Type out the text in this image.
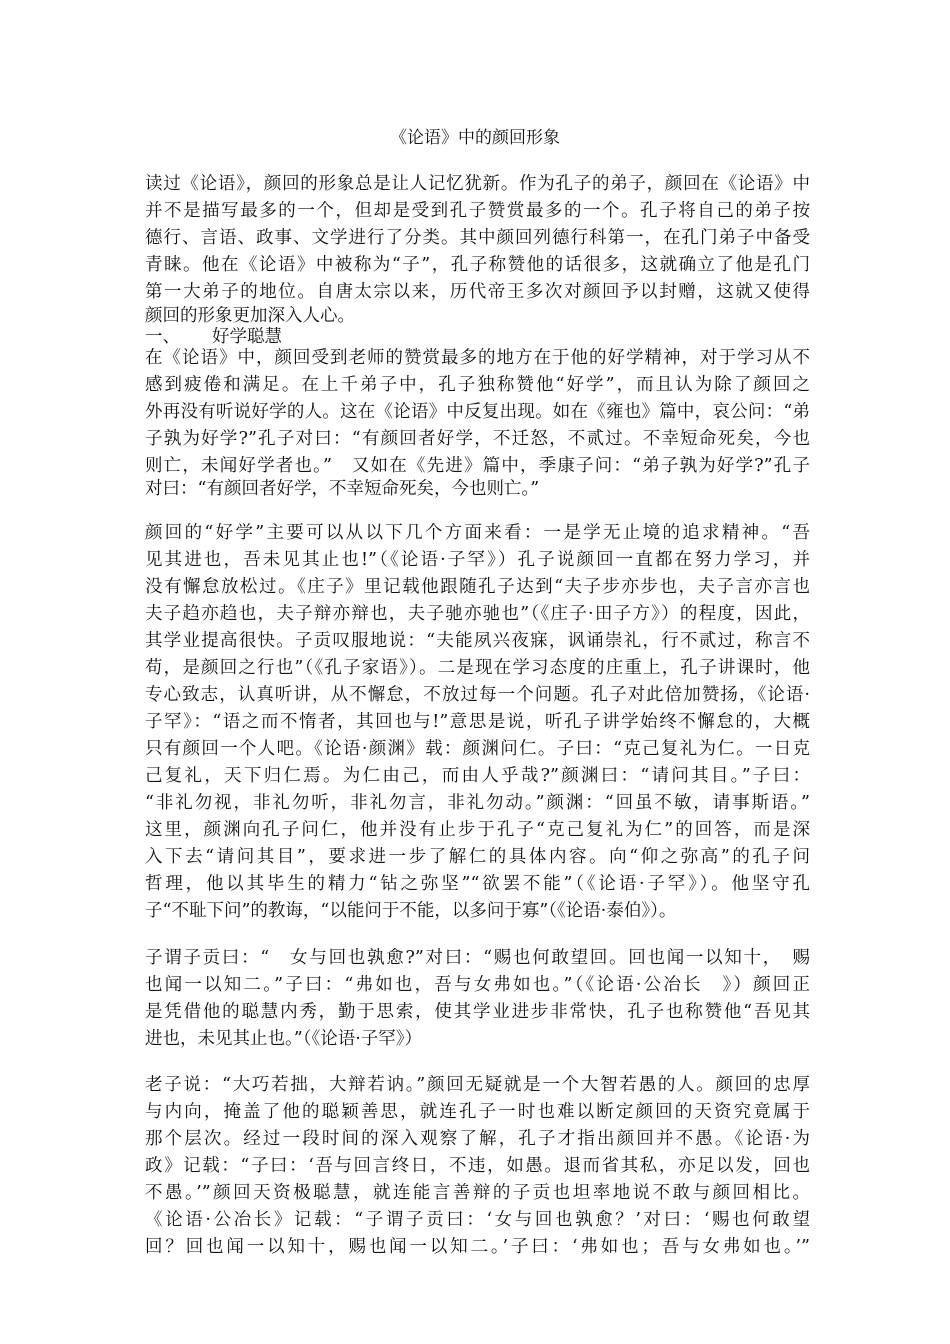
《论语》中的颜回形象
读过《论语》，颜回的形象总是让人记忆犹新。作为孔子的弟子，颜回在《论语》中
并不是描写最多的一个，但却是受到孔子赞赏最多的一个。孔子将自己的弟子按
德行、言语、政事、文学进行了分类。其中颜回列德行科第一，在孔门弟子中备受
青睐。他在《论语》中被称为“子”，孔子称赞他的话很多，这就确立了他是孔门
第一大弟子的地位。自唐太宗以来，历代帝王多次对颜回予以封赠，这就又使得
颜回的形象更加深入人心。
一、 好学聪慧
在《论语》中，颜回受到老师的赞赏最多的地方在于他的好学精神，对于学习从不
感到疲倦和满足。在上千弟子中，孔子独称赞他“好学”，而且认为除了颜回之
外再没有听说好学的人。这在《论语》中反复出现。如在《雍也》篇中，哀公问：“弟
子孰为好学?”孔子对曰：“有颜回者好学，不迁怒，不贰过。不幸短命死矣，今也
则亡，未闻好学者也。”　又如在《先进》篇中，季康子问：“弟子孰为好学?”孔子
对曰：“有颜回者好学，不幸短命死矣，今也则亡。”
颜回的“好学”主要可以从以下几个方面来看：一是学无止境的追求精神。“吾
见其进也，吾未见其止也!”（《论语·子罕》）孔子说颜回一直都在努力学习，并
没有懈怠放松过。《庄子》里记载他跟随孔子达到“夫子步亦步也，夫子言亦言也
夫子趋亦趋也，夫子辩亦辩也，夫子驰亦驰也”（《庄子·田子方》）的程度，因此，
其学业提高很快。子贡叹服地说：“夫能夙兴夜寐，讽诵崇礼，行不贰过，称言不
苟，是颜回之行也”（《孔子家语》）。二是现在学习态度的庄重上，孔子讲课时，他
专心致志，认真听讲，从不懈怠，不放过每一个问题。孔子对此倍加赞扬，《论语·
子罕》：“语之而不惰者，其回也与!”意思是说，听孔子讲学始终不懈怠的，大概
只有颜回一个人吧。《论语·颜渊》载：颜渊问仁。子曰：“克己复礼为仁。一日克
己复礼，天下归仁焉。为仁由己，而由人乎哉?”颜渊曰：“请问其目。”子曰：
“非礼勿视，非礼勿听，非礼勿言，非礼勿动。”颜渊：“回虽不敏，请事斯语。”
这里，颜渊向孔子问仁，他并没有止步于孔子“克己复礼为仁”的回答，而是深
入下去“请问其目”，要求进一步了解仁的具体内容。向“仰之弥高”的孔子问
哲理，他以其毕生的精力“钻之弥坚”“欲罢不能”（《论语·子罕》）。他坚守孔
子“不耻下问”的教诲，“以能问于不能，以多问于寡”（《论语·泰伯》）。
子谓子贡曰：“　女与回也孰愈?”对曰：“赐也何敢望回。回也闻一以知十，　赐
也闻一以知二。”子曰：“弗如也，吾与女弗如也。”（《论语·公冶长　》）颜回正
是凭借他的聪慧内秀，勤于思索，使其学业进步非常快，孔子也称赞他“吾见其
进也，未见其止也。”（《论语·子罕》）
老子说：“大巧若拙，大辩若讷。”颜回无疑就是一个大智若愚的人。颜回的忠厚
与内向，掩盖了他的聪颖善思，就连孔子一时也难以断定颜回的天资究竟属于
那个层次。经过一段时间的深入观察了解，孔子才指出颜回并不愚。《论语·为
政》记载：“子曰：‘吾与回言终日，不违，如愚。退而省其私，亦足以发，回也
不愚。’”颜回天资极聪慧，就连能言善辩的子贡也坦率地说不敢与颜回相比。
《论语·公冶长》记载：“子谓子贡曰：‘女与回也孰愈？’对曰：‘赐也何敢望
回？回也闻一以知十，赐也闻一以知二。’子曰：‘弗如也；吾与女弗如也。’”
